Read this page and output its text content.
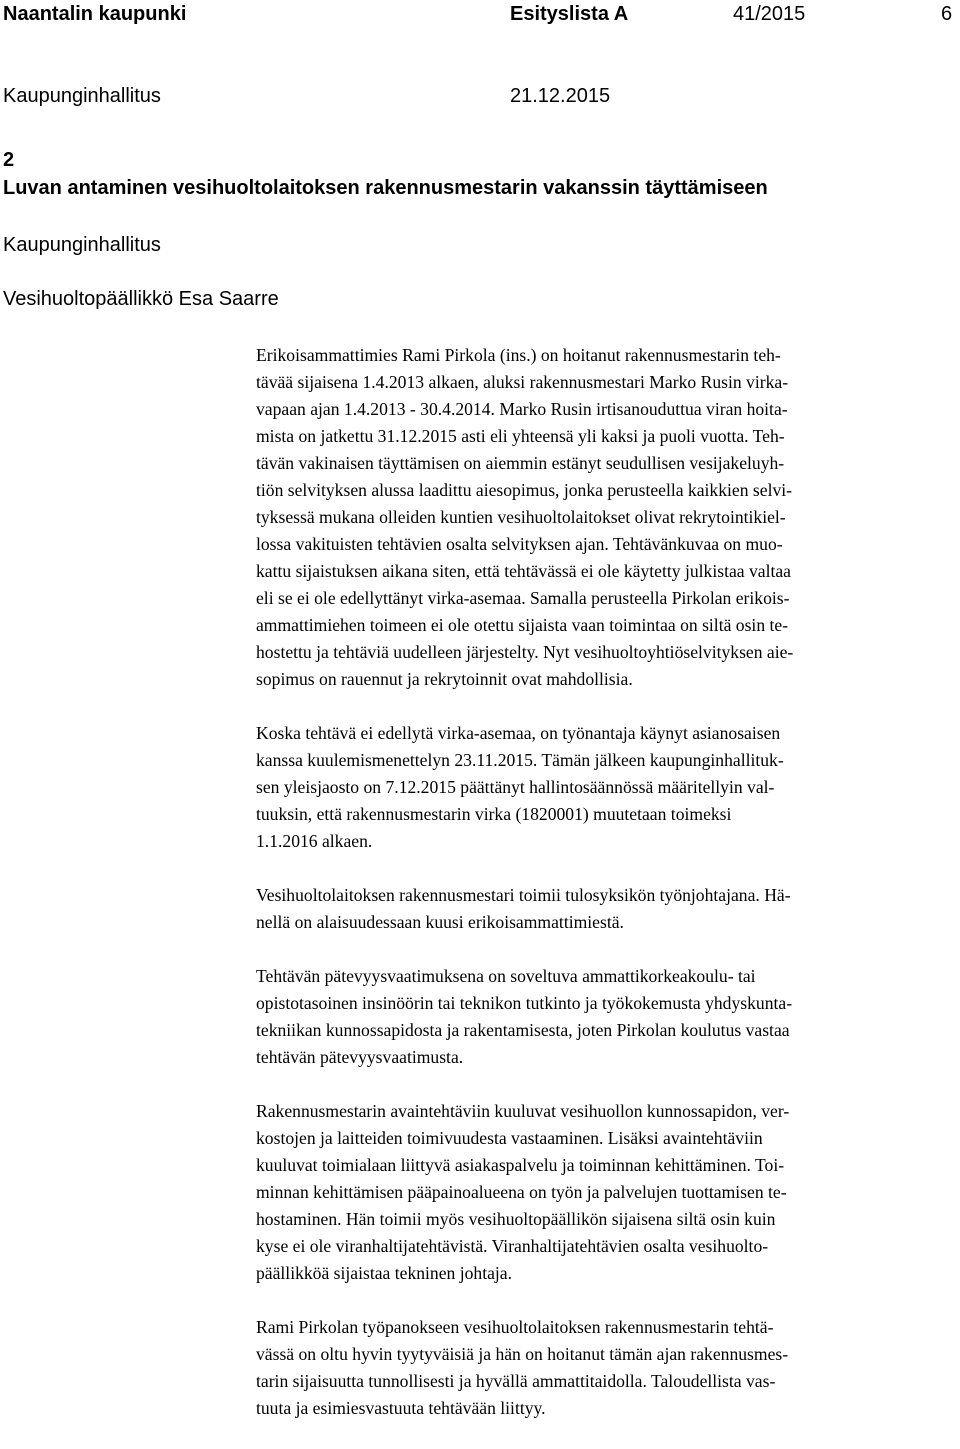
Naantalin kaupunki	Esityslista A	41/2015	6
Kaupunginhallitus	21.12.2015
2
Luvan antaminen vesihuoltolaitoksen rakennusmestarin vakanssin täyttämiseen
Kaupunginhallitus
Vesihuoltopäällikkö Esa Saarre
Erikoisammattimies Rami Pirkola (ins.) on hoitanut rakennusmestarin teh-
tävää sijaisena 1.4.2013 alkaen, aluksi rakennusmestari Marko Rusin virka-
vapaan ajan 1.4.2013 - 30.4.2014. Marko Rusin irtisanouduttua viran hoita-
mista on jatkettu 31.12.2015 asti eli yhteensä yli kaksi ja puoli vuotta. Teh-
tävän vakinaisen täyttämisen on aiemmin estänyt seudullisen vesijakeluyh-
tiön selvityksen alussa laadittu aiesopimus, jonka perusteella kaikkien selvi-
tyksessä mukana olleiden kuntien vesihuoltolaitokset olivat rekrytointikiel-
lossa vakituisten tehtävien osalta selvityksen ajan. Tehtävänkuvaa on muo-
kattu sijaistuksen aikana siten, että tehtävässä ei ole käytetty julkistaa valtaa
eli se ei ole edellyttänyt virka-asemaa. Samalla perusteella Pirkolan erikois-
ammattimiehen toimeen ei ole otettu sijaista vaan toimintaa on siltä osin te-
hostettu ja tehtäviä uudelleen järjestelty. Nyt vesihuoltoyhtiöselvityksen aie-
sopimus on rauennut ja rekrytoinnit ovat mahdollisia.
Koska tehtävä ei edellytä virka-asemaa, on työnantaja käynyt asianosaisen
kanssa kuulemismenettelyn 23.11.2015. Tämän jälkeen kaupunginhallituk-
sen yleisjaosto on 7.12.2015 päättänyt hallintosäännössä määritellyin val-
tuuksin, että rakennusmestarin virka (1820001) muutetaan toimeksi
1.1.2016 alkaen.
Vesihuoltolaitoksen rakennusmestari toimii tulosyksikön työnjohtajana. Hä-
nellä on alaisuudessaan kuusi erikoisammattimiestä.
Tehtävän pätevyysvaatimuksena on soveltuva ammattikorkeakoulu- tai
opistotasoinen insinöörin tai teknikon tutkinto ja työkokemusta yhdyskunta-
tekniikan kunnossapidosta ja rakentamisesta, joten Pirkolan koulutus vastaa
tehtävän pätevyysvaatimusta.
Rakennusmestarin avaintehtäviin kuuluvat vesihuollon kunnossapidon, ver-
kostojen ja laitteiden toimivuudesta vastaaminen. Lisäksi avaintehtäviin
kuuluvat toimialaan liittyvä asiakaspalvelu ja toiminnan kehittäminen. Toi-
minnan kehittämisen pääpainoalueena on työn ja palvelujen tuottamisen te-
hostaminen. Hän toimii myös vesihuoltopäällikön sijaisena siltä osin kuin
kyse ei ole viranhaltijatehtävistä. Viranhaltijatehtävien osalta vesihuolto-
päällikköä sijaistaa tekninen johtaja.
Rami Pirkolan työpanokseen vesihuoltolaitoksen rakennusmestarin tehtä-
vässä on oltu hyvin tyytyväisiä ja hän on hoitanut tämän ajan rakennusmes-
tarin sijaisuutta tunnollisesti ja hyvällä ammattitaidolla. Taloudellista vas-
tuuta ja esimiesvastuuta tehtävään liittyy.
